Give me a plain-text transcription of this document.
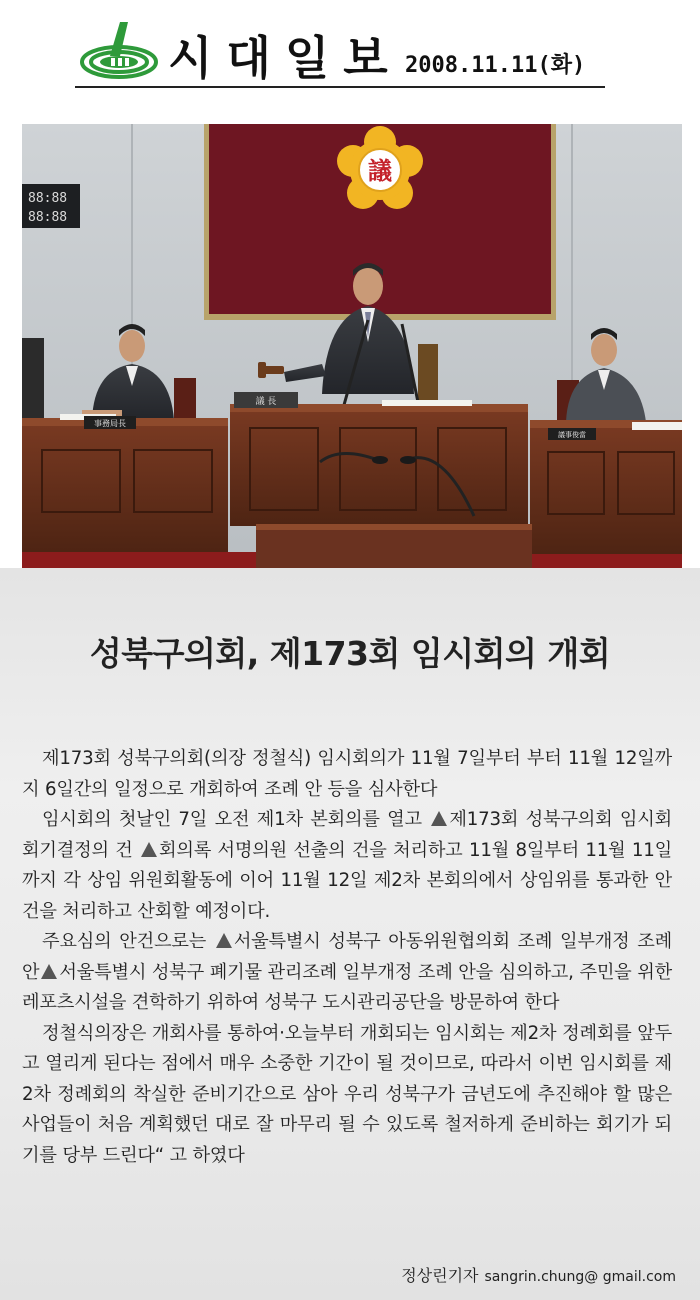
시대일보 2008.11.11(화)
議
88:88
88:88
事務局長
議 長
議事俊當
성북구의회, 제173회 임시회의 개회

제173회 성북구의회(의장 정철식) 임시회의가 11월 7일부터 부터 11월 12일까지 6일간의 일정으로 개회하여 조례 안 등을 심사한다

임시회의 첫날인 7일 오전 제1차 본회의를 열고 제173회 성북구의회 임시회 회기결정의 건 회의록 서명의원 선출의 건을 처리하고 11월 8일부터 11월 11일까지 각 상임 위원회활동에 이어 11월 12일 제2차 본회의에서 상임위를 통과한 안건을 처리하고 산회할 예정이다.

주요심의 안건으로는 서울특별시 성북구 아동위원협의회 조례 일부개정 조례안 서울특별시 성북구 폐기물 관리조례 일부개정 조례 안을 심의하고, 주민을 위한 레포츠시설을 견학하기 위하여 성북구 도시관리공단을 방문하여 한다

정철식의장은 개회사를 통하여·오늘부터 개회되는 임시회는 제2차 정례회를 앞두고 열리게 된다는 점에서 매우 소중한 기간이 될 것이므로, 따라서 이번 임시회를 제2차 정례회의 착실한 준비기간으로 삼아 우리 성북구가 금년도에 추진해야 할 많은 사업들이 처음 계획했던 대로 잘 마무리 될 수 있도록 철저하게 준비하는 회기가 되기를 당부 드린다“ 고 하였다

정상린기자 sangrin.chung@ gmail.com
